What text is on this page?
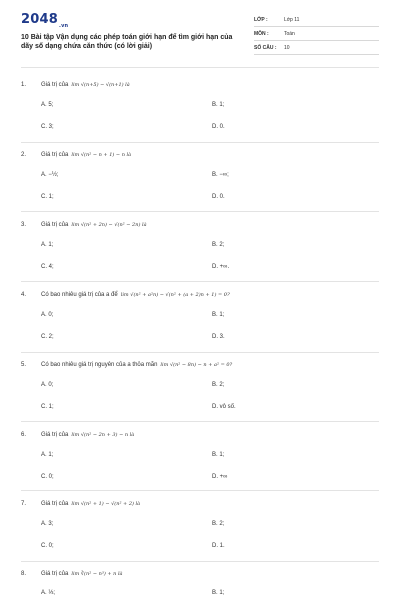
$2048_{.vn}$
10 Bài tập Vận dụng các phép toán giới hạn để tìm giới hạn của dãy số dạng chứa căn thức (có lời giải)
LỚP :	Lớp 11
MÔN :	Toán
SỐ CÂU : 10
1. Giá trị của lim √(n+5) − √(n+1) là
A. 5;	B. 1;
C. 3;	D. 0.
2. Giá trị của lim √(n² − n + 1) − n là
A. −½;	B. −∞;
C. 1;	D. 0.
3. Giá trị của lim √(n² + 2n) − √(n² − 2n) là
A. 1;	B. 2;
C. 4;	D. +∞.
4. Có bao nhiêu giá trị của a để lim √(n² + a²n) − √(n² + (a + 2)n + 1) = 0?
A. 0;	B. 1;
C. 2;	D. 3.
5. Có bao nhiêu giá trị nguyên của a thỏa mãn lim √(n² − 8n) − n + a² = 0?
A. 0;	B. 2;
C. 1;	D. vô số.
6. Giá trị của lim √(n² − 2n + 3) − n là
A. 1;	B. 1;
C. 0;	D. +∞
7. Giá trị của lim √(n² + 1) − √(n² + 2) là
A. 3;	B. 2;
C. 0;	D. 1.
8. Giá trị của lim ∛(n² − n³) + n là
A. ⅓;	B. 1;
